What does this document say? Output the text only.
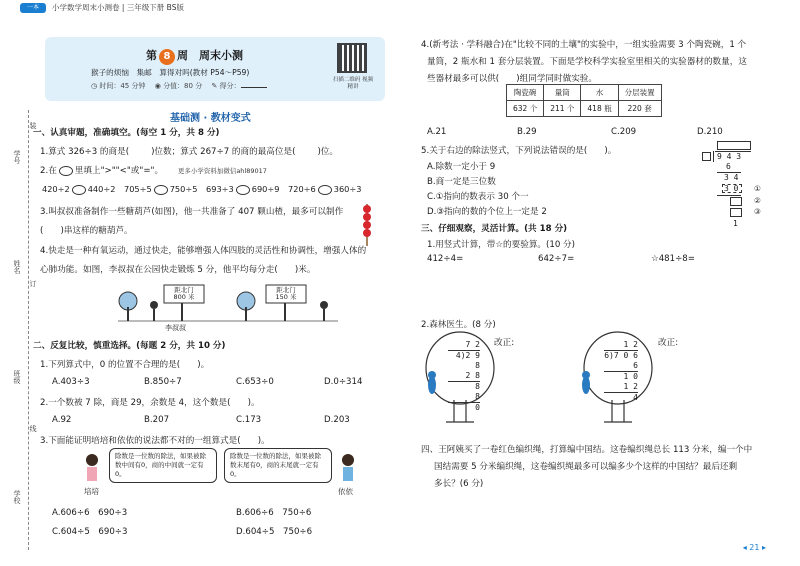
一本	小学数学周末小测卷 | 三年级下册 BS版
第 8 周　周末小测
猴子的烦恼　集邮　算得对吗(教材 P54～P59)
◷ 时间：45 分钟　 ◉ 分值：80 分　 ✎ 得分：
扫描二维码 视频精讲
学号
姓名
班级
学校
装
订
线
基础测 · 教材变式
一、认真审题，准确填空。(每空 1 分，共 8 分)
1.算式 326÷3 的商是(	)位数；算式 267÷7 的商的最高位是(	)位。
2.在 里填上">""<"或"="。 更多小学资料加微信ahl89017
420÷2 440÷2 705÷5 750÷5 693÷3 690÷9 720÷6 360÷3
3.叫叔叔准备制作一些糖葫芦(如图)，他一共准备了 407 颗山楂，最多可以制作
(　　)串这样的糖葫芦。
4.快走是一种有氧运动，通过快走，能够增强人体四肢的灵活性和协调性，增强人体的
心肺功能。如图，李叔叔在公园快走锻炼 5 分，他平均每分走(　　)米。
距北门
800 米
距北门
150 米
李叔叔
二、反复比较，慎重选择。(每题 2 分，共 10 分)
1.下列算式中，0 的位置不合理的是(　　)。
A.403÷3	B.850÷7	C.653÷0	D.0÷314
2.一个数被 7 除，商是 29，余数是 4，这个数是(　　)。
A.92	B.207	C.173	D.203
3.下面能证明培培和依依的说法都不对的一组算式是(　　)。
除数是一位数的除法，如果被除数中间有0，商的中间就一定有0。
除数是一位数的除法，如果被除数末尾有0，商的末尾就一定有0。
培培	依依
A.606÷6　690÷3	B.606÷6　750÷6
C.604÷5　690÷3	D.604÷5　750÷6
4.(新考法 · 学科融合)在"比较不同的土壤"的实验中，一组实验需要 3 个陶瓷碗，1 个
量筒，2 瓶水和 1 套分层装置。下面是学校科学实验室里相关的实验器材的数量，这
些器材最多可以供(　　)组同学同时做实验。
陶瓷碗	量筒	水	分层装置
632 个	211 个	418 瓶	220 套
A.21	B.29	C.209	D.210
5.关于右边的除法竖式，下列说法错误的是(　　)。
A.除数一定小于 9
B.商一定是三位数
C.①指向的数表示 30 个一
D.③指向的数的个位上一定是 2
9 4 3
6
3 4
3 0
1
①
②
③
三、仔细观察，灵活计算。(共 18 分)
1.用竖式计算，带☆的要验算。(10 分)
412÷4=	642÷7=	☆481÷8=
2.森林医生。(8 分)
改正:	改正:
7 2
4)2 9 8
2 8
8
8
0
1 2
6)7 0 6
6
1 0
1 2
4
四、王阿姨买了一卷红色编织绳，打算编中国结。这卷编织绳总长 113 分米，编一个中
国结需要 5 分米编织绳，这卷编织绳最多可以编多少个这样的中国结？最后还剩
多长？(6 分)
◂ 21 ▸
